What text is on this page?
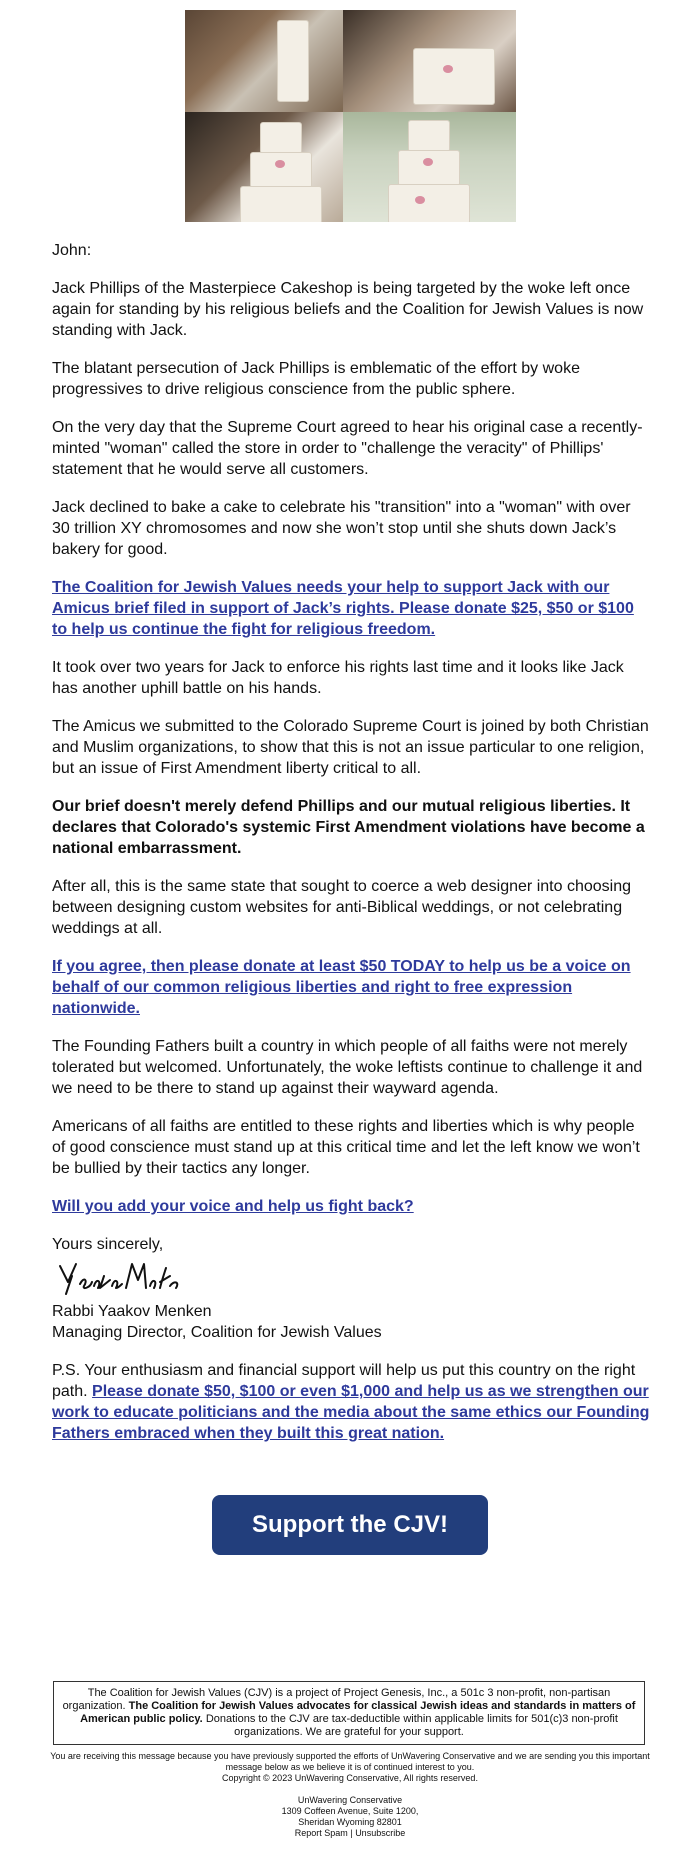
John:

Jack Phillips of the Masterpiece Cakeshop is being targeted by the woke left once again for standing by his religious beliefs and the Coalition for Jewish Values is now standing with Jack.

The blatant persecution of Jack Phillips is emblematic of the effort by woke progressives to drive religious conscience from the public sphere.

On the very day that the Supreme Court agreed to hear his original case a recently-minted "woman" called the store in order to "challenge the veracity" of Phillips' statement that he would serve all customers.

Jack declined to bake a cake to celebrate his "transition" into a "woman" with over 30 trillion XY chromosomes and now she won’t stop until she shuts down Jack’s bakery for good.

The Coalition for Jewish Values needs your help to support Jack with our Amicus brief filed in support of Jack’s rights. Please donate $25, $50 or $100 to help us continue the fight for religious freedom.

It took over two years for Jack to enforce his rights last time and it looks like Jack has another uphill battle on his hands.

The Amicus we submitted to the Colorado Supreme Court is joined by both Christian and Muslim organizations, to show that this is not an issue particular to one religion, but an issue of First Amendment liberty critical to all.

Our brief doesn't merely defend Phillips and our mutual religious liberties. It declares that Colorado's systemic First Amendment violations have become a national embarrassment.

After all, this is the same state that sought to coerce a web designer into choosing between designing custom websites for anti-Biblical weddings, or not celebrating weddings at all.

If you agree, then please donate at least $50 TODAY to help us be a voice on behalf of our common religious liberties and right to free expression nationwide.

The Founding Fathers built a country in which people of all faiths were not merely tolerated but welcomed. Unfortunately, the woke leftists continue to challenge it and we need to be there to stand up against their wayward agenda.

Americans of all faiths are entitled to these rights and liberties which is why people of good conscience must stand up at this critical time and let the left know we won’t be bullied by their tactics any longer.

Will you add your voice and help us fight back?

Yours sincerely,
Rabbi Yaakov Menken
Managing Director, Coalition for Jewish Values

P.S. Your enthusiasm and financial support will help us put this country on the right path. Please donate $50, $100 or even $1,000 and help us as we strengthen our work to educate politicians and the media about the same ethics our Founding Fathers embraced when they built this great nation.

Support the CJV!
The Coalition for Jewish Values (CJV) is a project of Project Genesis, Inc., a 501c 3 non-profit, non-partisan organization. The Coalition for Jewish Values advocates for classical Jewish ideas and standards in matters of American public policy. Donations to the CJV are tax-deductible within applicable limits for 501(c)3 non-profit organizations. We are grateful for your support.
You are receiving this message because you have previously supported the efforts of UnWavering Conservative and we are sending you this important message below as we believe it is of continued interest to you.
Copyright © 2023 UnWavering Conservative, All rights reserved.
UnWavering Conservative
1309 Coffeen Avenue, Suite 1200,
Sheridan Wyoming 82801
Report Spam | Unsubscribe
